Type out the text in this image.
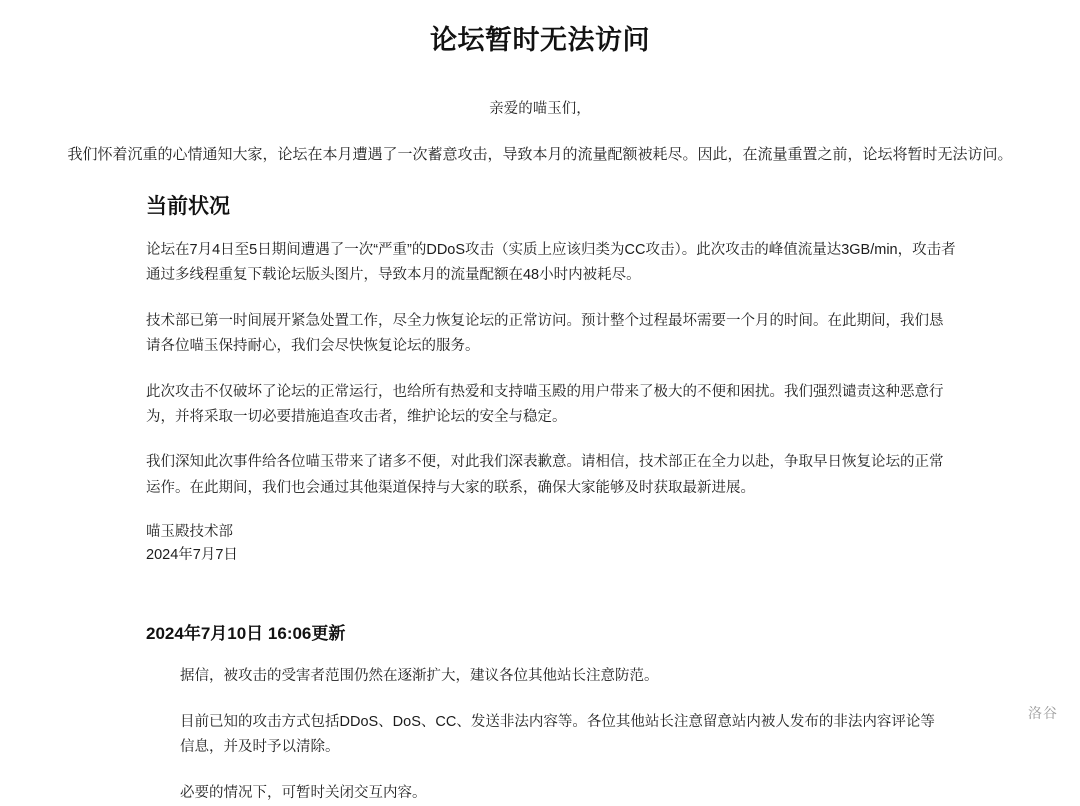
论坛暂时无法访问

亲爱的喵玉们，

我们怀着沉重的心情通知大家，论坛在本月遭遇了一次蓄意攻击，导致本月的流量配额被耗尽。因此，在流量重置之前，论坛将暂时无法访问。

当前状况

论坛在7月4日至5日期间遭遇了一次“严重”的DDoS攻击（实质上应该归类为CC攻击）。此次攻击的峰值流量达3GB/min，攻击者通过多线程重复下载论坛版头图片，导致本月的流量配额在48小时内被耗尽。

技术部已第一时间展开紧急处置工作，尽全力恢复论坛的正常访问。预计整个过程最坏需要一个月的时间。在此期间，我们恳请各位喵玉保持耐心，我们会尽快恢复论坛的服务。

此次攻击不仅破坏了论坛的正常运行，也给所有热爱和支持喵玉殿的用户带来了极大的不便和困扰。我们强烈谴责这种恶意行为，并将采取一切必要措施追查攻击者，维护论坛的安全与稳定。

我们深知此次事件给各位喵玉带来了诸多不便，对此我们深表歉意。请相信，技术部正在全力以赴，争取早日恢复论坛的正常运作。在此期间，我们也会通过其他渠道保持与大家的联系，确保大家能够及时获取最新进展。

喵玉殿技术部

2024年7月7日

2024年7月10日 16:06更新

据信，被攻击的受害者范围仍然在逐渐扩大，建议各位其他站长注意防范。

目前已知的攻击方式包括DDoS、DoS、CC、发送非法内容等。各位其他站长注意留意站内被人发布的非法内容评论等信息，并及时予以清除。

必要的情况下，可暂时关闭交互内容。

洛谷
